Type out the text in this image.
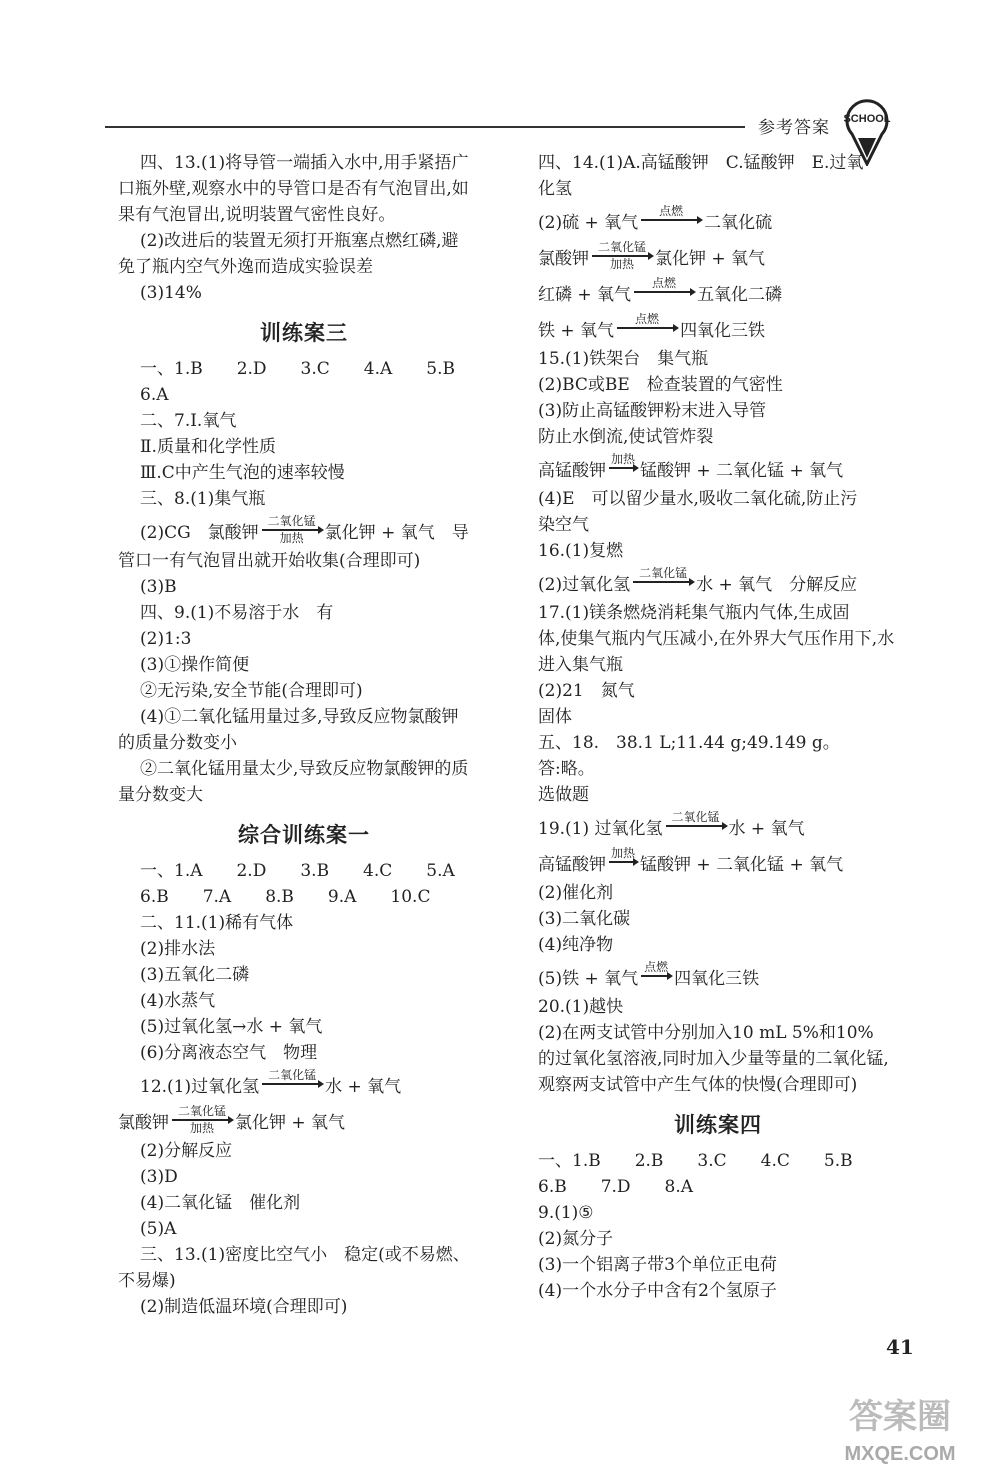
参考答案 SCHOOL
四、13.(1)将导管一端插入水中,用手紧捂广
口瓶外壁,观察水中的导管口是否有气泡冒出,如
果有气泡冒出,说明装置气密性良好。
(2)改进后的装置无须打开瓶塞点燃红磷,避
免了瓶内空气外逸而造成实验误差
(3)14%
训练案三
一、1.B　　2.D　　3.C　　4.A　　5.B
6.A
二、7.Ⅰ.氧气
Ⅱ.质量和化学性质
Ⅲ.C中产生气泡的速率较慢
三、8.(1)集气瓶
(2)CG　氯酸钾
二氧化锰
加热 氯化钾 + 氧气　导
管口一有气泡冒出就开始收集(合理即可)
(3)B
四、9.(1)不易溶于水　有
(2)1:3
(3)①操作简便
②无污染,安全节能(合理即可)
(4)①二氧化锰用量过多,导致反应物氯酸钾
的质量分数变小
②二氧化锰用量太少,导致反应物氯酸钾的质
量分数变大
综合训练案一
一、1.A　　2.D　　3.B　　4.C　　5.A
6.B　　7.A　　8.B　　9.A　　10.C
二、11.(1)稀有气体
(2)排水法
(3)五氧化二磷
(4)水蒸气
(5)过氧化氢→水 + 氧气
(6)分离液态空气　物理
12.(1)过氧化氢
二氧化锰
水 + 氧气
氯酸钾
二氧化锰
加热 氯化钾 + 氧气
(2)分解反应
(3)D
(4)二氧化锰　催化剂
(5)A
三、13.(1)密度比空气小　稳定(或不易燃、
不易爆)
(2)制造低温环境(合理即可)
四、14.(1)A.高锰酸钾　C.锰酸钾　E.过氧
化氢
(2)硫 + 氧气
点燃
二氧化硫
氯酸钾
二氧化锰
加热 氯化钾 + 氧气
红磷 + 氧气
点燃
五氧化二磷
铁 + 氧气
点燃
四氧化三铁
15.(1)铁架台　集气瓶
(2)BC或BE　检查装置的气密性
(3)防止高锰酸钾粉末进入导管
防止水倒流,使试管炸裂
高锰酸钾
加热
锰酸钾 + 二氧化锰 + 氧气
(4)E　可以留少量水,吸收二氧化硫,防止污
染空气
16.(1)复燃
(2)过氧化氢
二氧化锰
水 + 氧气　分解反应
17.(1)镁条燃烧消耗集气瓶内气体,生成固
体,使集气瓶内气压减小,在外界大气压作用下,水
进入集气瓶
(2)21　氮气
固体
五、18.　38.1 L;11.44 g;49.149 g。
答:略。
选做题
19.(1) 过氧化氢
二氧化锰
水 + 氧气
高锰酸钾
加热
锰酸钾 + 二氧化锰 + 氧气
(2)催化剂
(3)二氧化碳
(4)纯净物
(5)铁 + 氧气
点燃
四氧化三铁
20.(1)越快
(2)在两支试管中分别加入10 mL 5%和10%
的过氧化氢溶液,同时加入少量等量的二氧化锰,
观察两支试管中产生气体的快慢(合理即可)
训练案四
一、1.B　　2.B　　3.C　　4.C　　5.B
6.B　　7.D　　8.A
9.(1)⑤
(2)氮分子
(3)一个铝离子带3个单位正电荷
(4)一个水分子中含有2个氢原子
41
答案圈
MXQE.COM
